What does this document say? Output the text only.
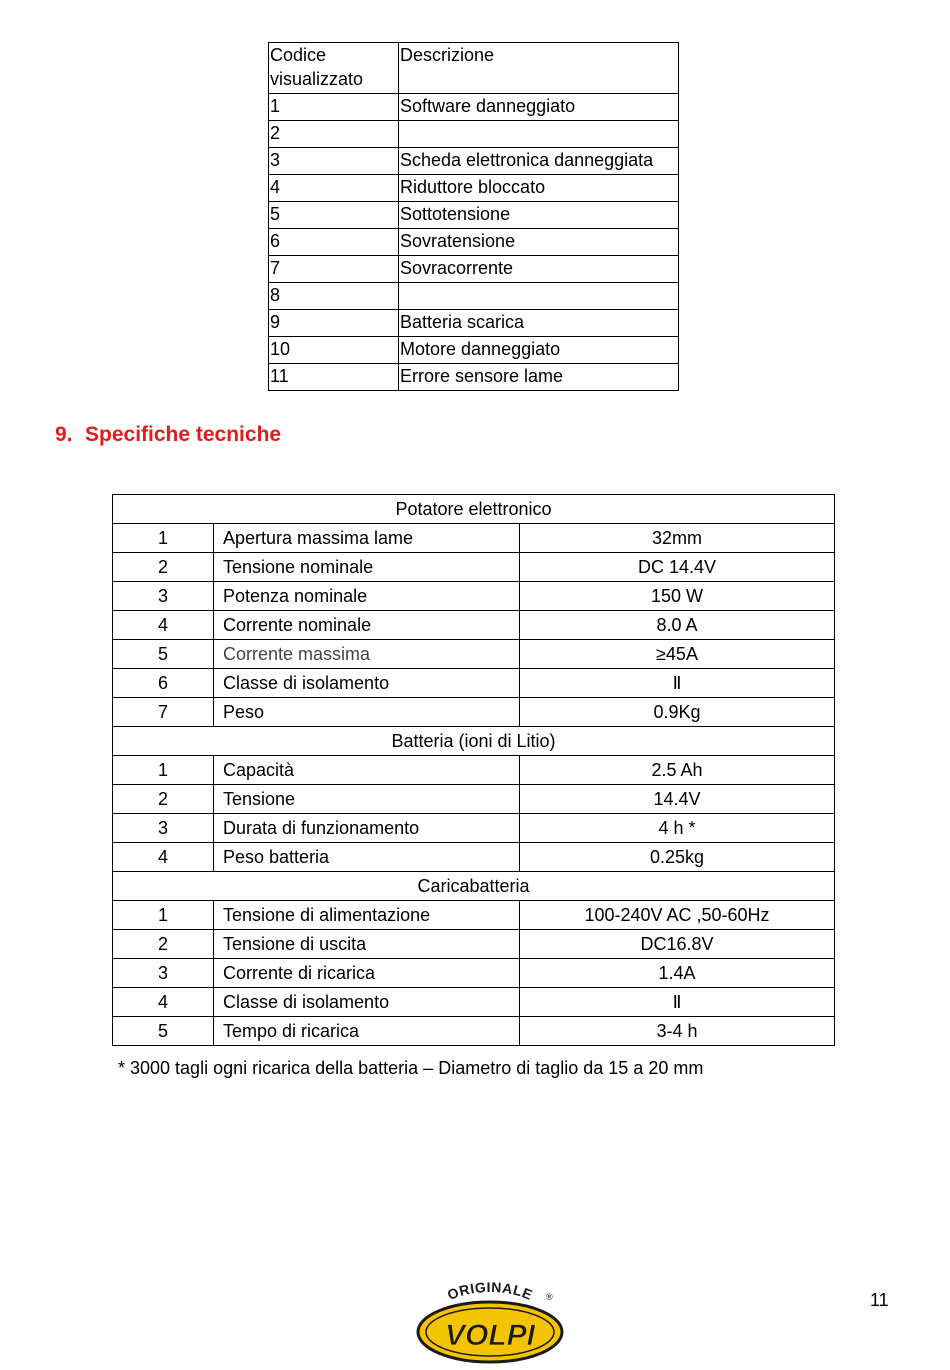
Codice visualizzato	Descrizione
1	Software danneggiato
2	
3	Scheda elettronica danneggiata
4	Riduttore bloccato
5	Sottotensione
6	Sovratensione
7	Sovracorrente
8	
9	Batteria scarica
10	Motore danneggiato
11	Errore sensore lame
9. Specifiche tecniche
Potatore elettronico		
1	Apertura massima lame	32mm
2	Tensione nominale	DC 14.4V
3	Potenza nominale	150 W
4	Corrente nominale	8.0 A
5	Corrente massima	≥45A
6	Classe di isolamento	Ⅱ
7	Peso	0.9Kg
Batteria (ioni di Litio)		
1	Capacità	2.5 Ah
2	Tensione	14.4V
3	Durata di funzionamento	4 h *
4	Peso batteria	0.25kg
Caricabatteria		
1	Tensione di alimentazione	100-240V AC ,50-60Hz
2	Tensione di uscita	DC16.8V
3	Corrente di ricarica	1.4A
4	Classe di isolamento	Ⅱ
5	Tempo di ricarica	3-4 h
* 3000 tagli ogni ricarica della batteria – Diametro di taglio da 15 a 20 mm
ORIGINALE
VOLPI
®	11
